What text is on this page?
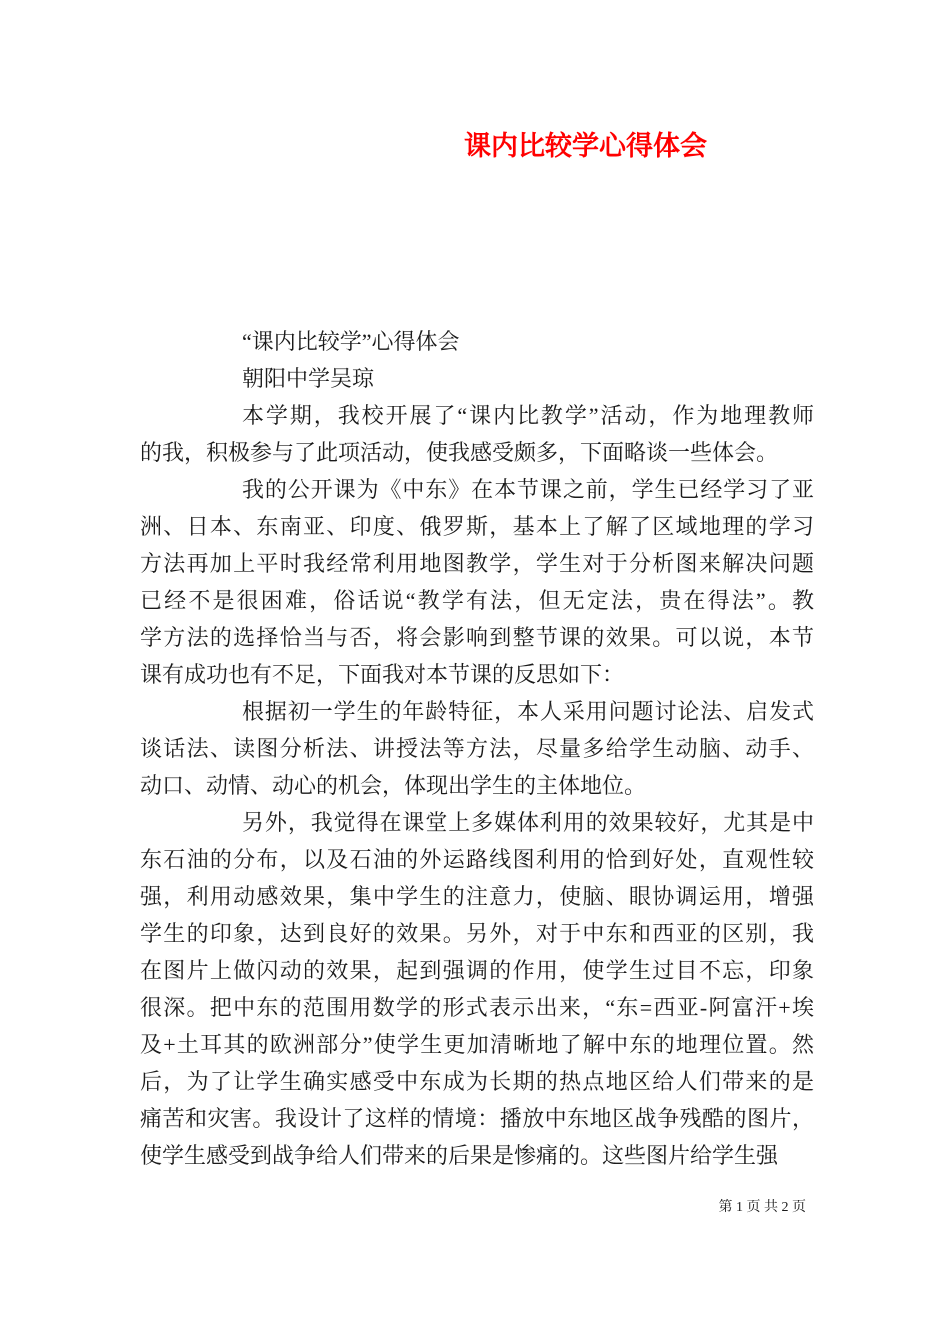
课内比较学心得体会
“课内比较学”心得体会
朝阳中学吴琼
本学期，我校开展了“课内比教学”活动，作为地理教师
的我，积极参与了此项活动，使我感受颇多，下面略谈一些体会。
我的公开课为《中东》在本节课之前，学生已经学习了亚
洲、日本、东南亚、印度、俄罗斯，基本上了解了区域地理的学习
方法再加上平时我经常利用地图教学，学生对于分析图来解决问题
已经不是很困难，俗话说“教学有法，但无定法，贵在得法”。教
学方法的选择恰当与否，将会影响到整节课的效果。可以说，本节
课有成功也有不足，下面我对本节课的反思如下：
根据初一学生的年龄特征，本人采用问题讨论法、启发式
谈话法、读图分析法、讲授法等方法，尽量多给学生动脑、动手、
动口、动情、动心的机会，体现出学生的主体地位。
另外，我觉得在课堂上多媒体利用的效果较好，尤其是中
东石油的分布，以及石油的外运路线图利用的恰到好处，直观性较
强，利用动感效果，集中学生的注意力，使脑、眼协调运用，增强
学生的印象，达到良好的效果。另外，对于中东和西亚的区别，我
在图片上做闪动的效果，起到强调的作用，使学生过目不忘，印象
很深。把中东的范围用数学的形式表示出来，“东=西亚-阿富汗+埃
及+土耳其的欧洲部分”使学生更加清晰地了解中东的地理位置。然
后，为了让学生确实感受中东成为长期的热点地区给人们带来的是
痛苦和灾害。我设计了这样的情境：播放中东地区战争残酷的图片，
使学生感受到战争给人们带来的后果是惨痛的。这些图片给学生强
第 1 页 共 2 页
